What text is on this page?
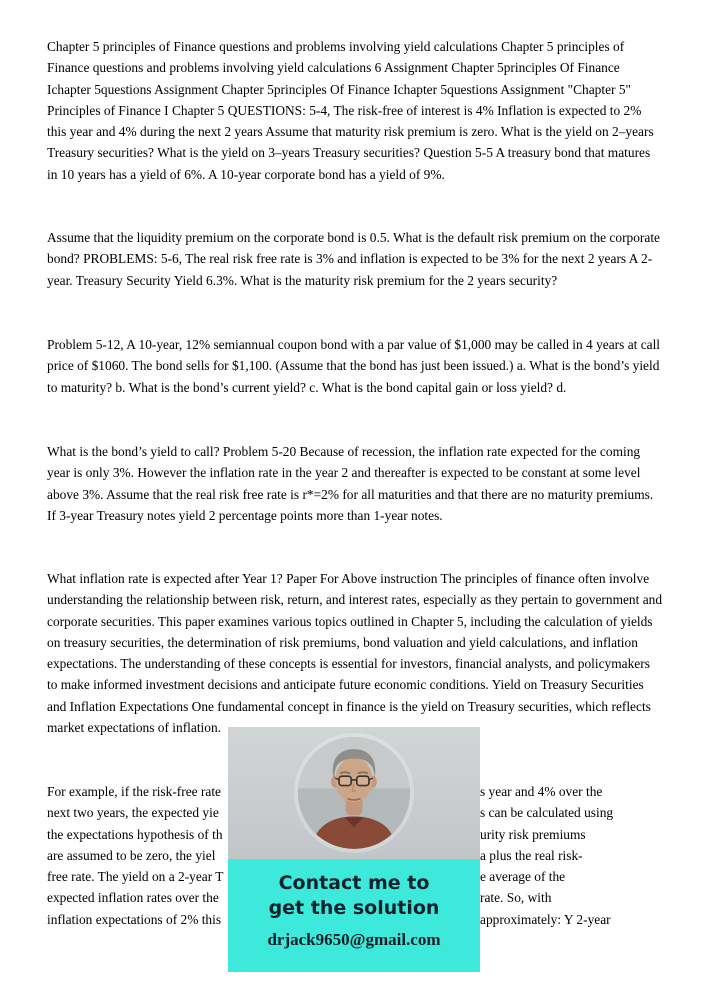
Chapter 5 principles of Finance questions and problems involving yield calculations Chapter 5 principles of Finance questions and problems involving yield calculations 6 Assignment Chapter 5principles Of Finance Ichapter 5questions Assignment Chapter 5principles Of Finance Ichapter 5questions Assignment "Chapter 5" Principles of Finance I Chapter 5 QUESTIONS: 5-4, The risk-free of interest is 4% Inflation is expected to 2% this year and 4% during the next 2 years Assume that maturity risk premium is zero. What is the yield on 2–years Treasury securities? What is the yield on 3–years Treasury securities? Question 5-5 A treasury bond that matures in 10 years has a yield of 6%. A 10-year corporate bond has a yield of 9%.

Assume that the liquidity premium on the corporate bond is 0.5. What is the default risk premium on the corporate bond? PROBLEMS: 5-6, The real risk free rate is 3% and inflation is expected to be 3% for the next 2 years A 2-year. Treasury Security Yield 6.3%. What is the maturity risk premium for the 2 years security?

Problem 5-12, A 10-year, 12% semiannual coupon bond with a par value of $1,000 may be called in 4 years at call price of $1060. The bond sells for $1,100. (Assume that the bond has just been issued.) a. What is the bond’s yield to maturity? b. What is the bond’s current yield? c. What is the bond capital gain or loss yield? d.

What is the bond’s yield to call? Problem 5-20 Because of recession, the inflation rate expected for the coming year is only 3%. However the inflation rate in the year 2 and thereafter is expected to be constant at some level above 3%. Assume that the real risk free rate is r*=2% for all maturities and that there are no maturity premiums. If 3-year Treasury notes yield 2 percentage points more than 1-year notes.

What inflation rate is expected after Year 1? Paper For Above instruction The principles of finance often involve understanding the relationship between risk, return, and interest rates, especially as they pertain to government and corporate securities. This paper examines various topics outlined in Chapter 5, including the calculation of yields on treasury securities, the determination of risk premiums, bond valuation and yield calculations, and inflation expectations. The understanding of these concepts is essential for investors, financial analysts, and policymakers to make informed investment decisions and anticipate future economic conditions. Yield on Treasury Securities and Inflation Expectations One fundamental concept in finance is the yield on Treasury securities, which reflects market expectations of inflation.

For example, if the risk-free rate	s year and 4% over the
next two years, the expected yie	s can be calculated using
the expectations hypothesis of th	urity risk premiums
are assumed to be zero, the yiel	a plus the real risk-
free rate. The yield on a 2-year T	e average of the
expected inflation rates over the	rate. So, with
inflation expectations of 2% this	approximately: Y 2-year
Contact me to
get the solution
drjack9650@gmail.com
